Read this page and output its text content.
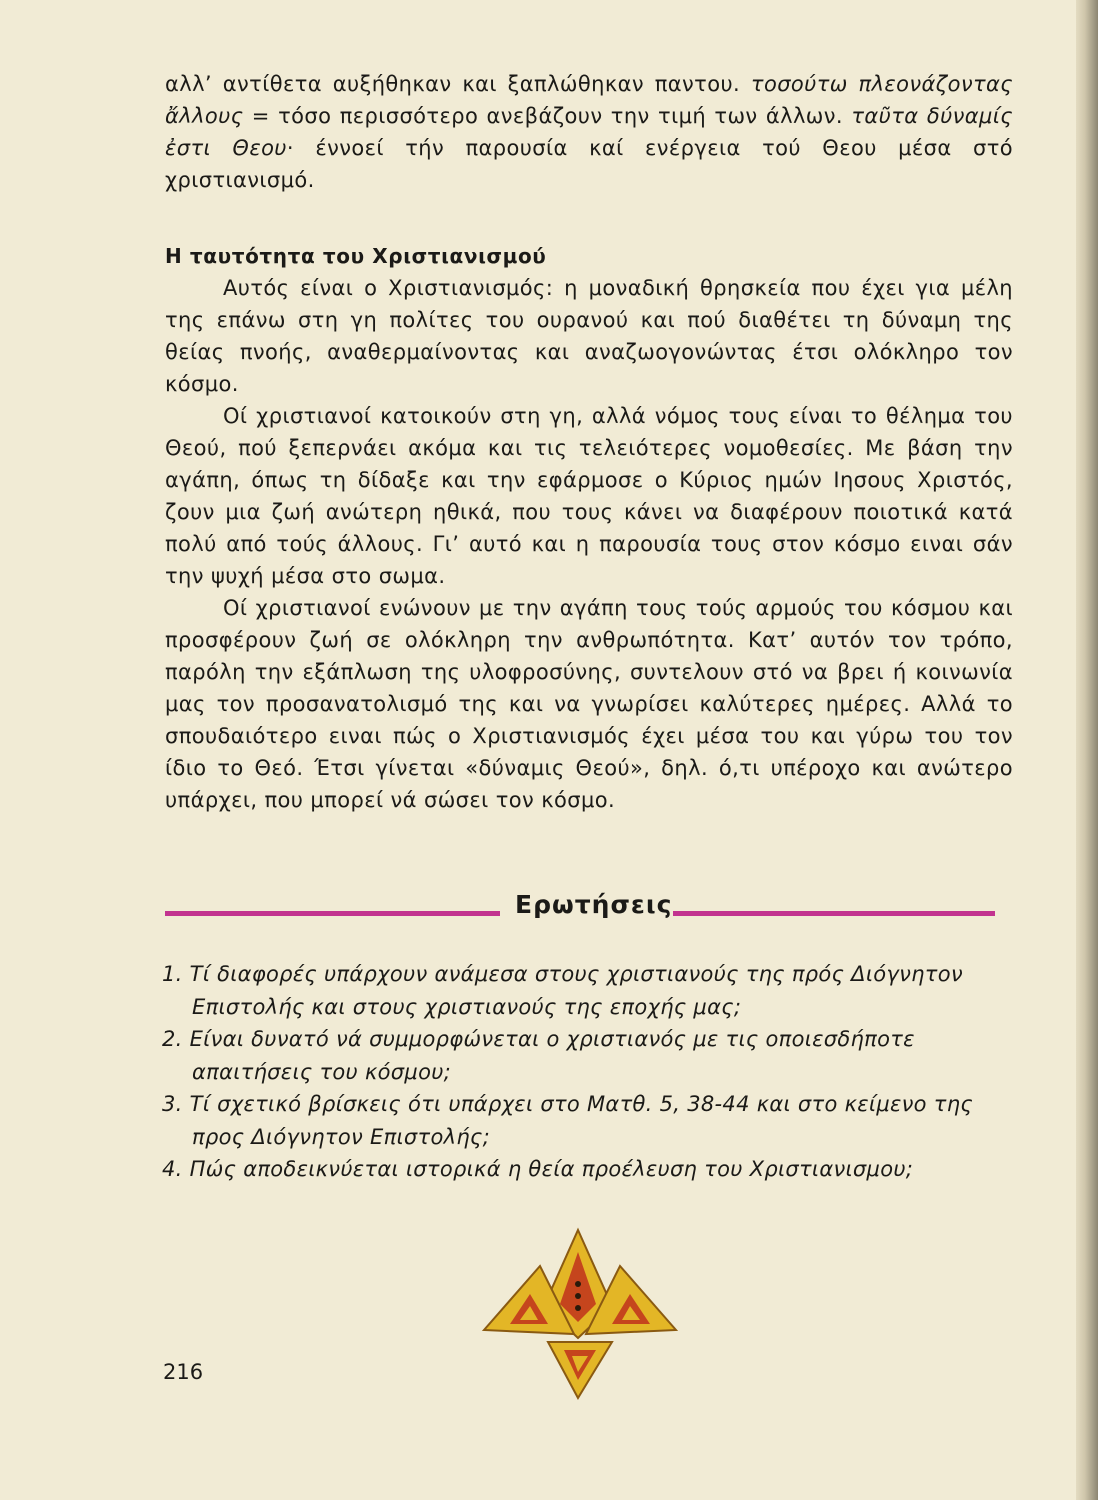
αλλ’ αντίθετα αυξήθηκαν και ξαπλώθηκαν παντου. τοσούτω πλεονάζοντας ἄλλους = τόσο περισσότερο ανεβάζουν την τιμή των άλλων. ταῦτα δύναμίς ἐστι Θεου· έννοεί τήν παρουσία καί ενέργεια τού Θεου μέσα στό χριστιανισμό.

Η ταυτότητα του Χριστιανισμού

Αυτός είναι ο Χριστιανισμός: η μοναδική θρησκεία που έχει για μέλη της επάνω στη γη πολίτες του ουρανού και πού διαθέτει τη δύναμη της θείας πνοής, αναθερμαίνοντας και αναζωογονώντας έτσι ολόκληρο τον κόσμο.

Οί χριστιανοί κατοικούν στη γη, αλλά νόμος τους είναι το θέλημα του Θεού, πού ξεπερνάει ακόμα και τις τελειότερες νομοθεσίες. Με βάση την αγάπη, όπως τη δίδαξε και την εφάρμοσε ο Κύριος ημών Ιησους Χριστός, ζουν μια ζωή ανώτερη ηθικά, που τους κάνει να διαφέρουν ποιοτικά κατά πολύ από τούς άλλους. Γι’ αυτό και η παρουσία τους στον κόσμο ειναι σάν την ψυχή μέσα στο σωμα.

Οί χριστιανοί ενώνουν με την αγάπη τους τούς αρμούς του κόσμου και προσφέρουν ζωή σε ολόκληρη την ανθρωπότητα. Κατ’ αυτόν τον τρόπο, παρόλη την εξάπλωση της υλοφροσύνης, συντελουν στό να βρει ή κοινωνία μας τον προσανατολισμό της και να γνωρίσει καλύτερες ημέρες. Αλλά το σπουδαιότερο ειναι πώς ο Χριστιανισμός έχει μέσα του και γύρω του τον ίδιο το Θεό. Έτσι γίνεται «δύναμις Θεού», δηλ. ό,τι υπέροχο και ανώτερο υπάρχει, που μπορεί νά σώσει τον κόσμο.

Ερωτήσεις

1. Τί διαφορές υπάρχουν ανάμεσα στους χριστιανούς της πρός Διόγνητον Επιστολής και στους χριστιανούς της εποχής μας;

2. Είναι δυνατό νά συμμορφώνεται ο χριστιανός με τις οποιεσδήποτε απαιτήσεις του κόσμου;

3. Τί σχετικό βρίσκεις ότι υπάρχει στο Ματθ. 5, 38-44 και στο κείμενο της προς Διόγνητον Επιστολής;

4. Πώς αποδεικνύεται ιστορικά η θεία προέλευση του Χριστιανισμου;

216
